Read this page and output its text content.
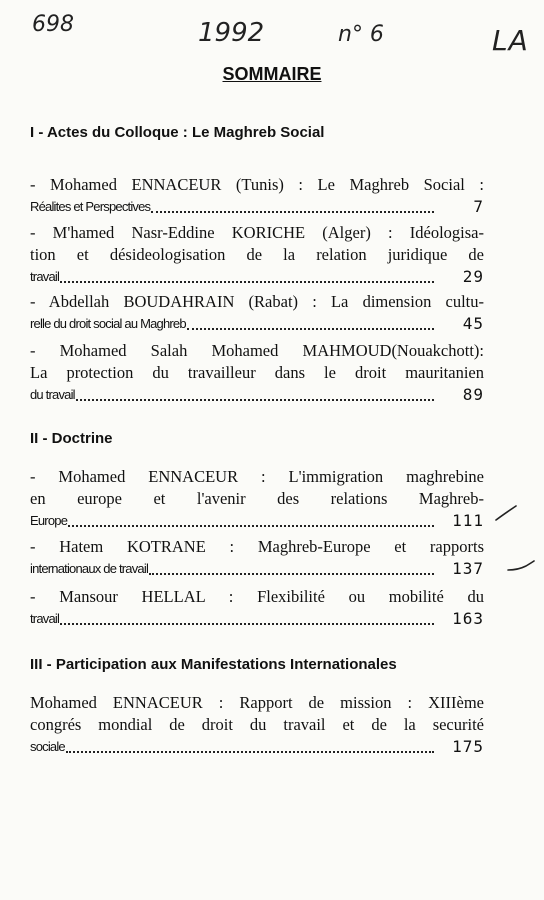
698	1992	n° 6	LA
SOMMAIRE
I - Actes du Colloque : Le Maghreb Social
- Mohamed ENNACEUR (Tunis) : Le Maghreb Social :
Réalites et Perspectives	7
- M'hamed Nasr-Eddine KORICHE (Alger) : Idéologisa-
tion et désideologisation de la relation juridique de
travail	29
- Abdellah BOUDAHRAIN (Rabat) : La dimension cultu-
relle du droit social au Maghreb	45
- Mohamed Salah Mohamed MAHMOUD(Nouakchott):
La protection du travailleur dans le droit mauritanien
du travail	89
II - Doctrine
- Mohamed ENNACEUR : L'immigration maghrebine
en europe et l'avenir des relations Maghreb-
Europe	111
- Hatem KOTRANE : Maghreb-Europe et rapports
internationaux de travail	137
- Mansour HELLAL : Flexibilité ou mobilité du
travail	163
III - Participation aux Manifestations Internationales
Mohamed ENNACEUR : Rapport de mission : XIIIème
congrés mondial de droit du travail et de la securité
sociale	175
